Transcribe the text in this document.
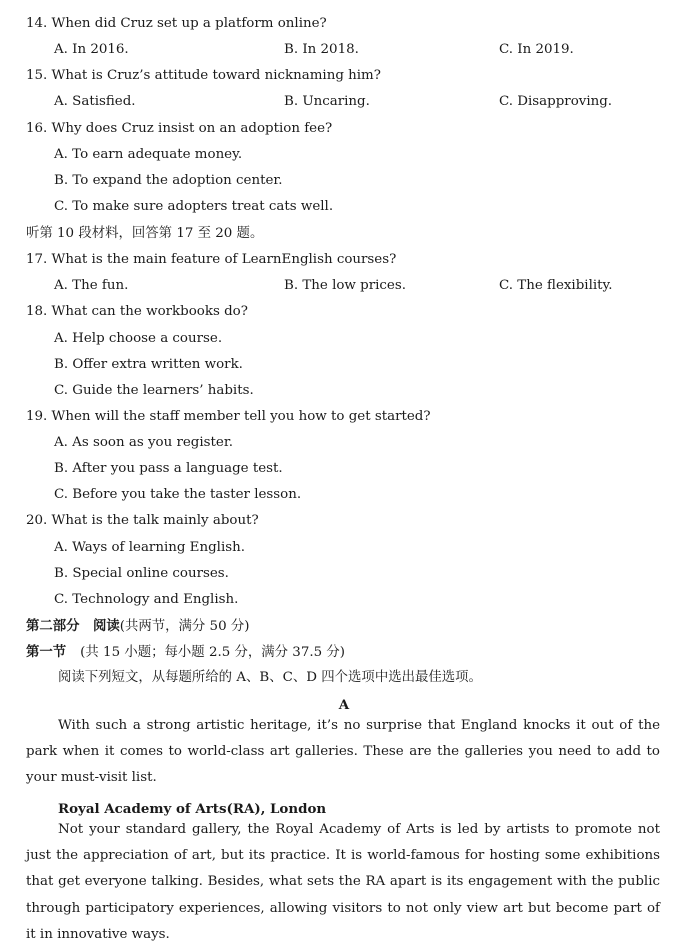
14. When did Cruz set up a platform online?
A. In 2016.	B. In 2018.	C. In 2019.
15. What is Cruz’s attitude toward nicknaming him?
A. Satisfied.	B. Uncaring.	C. Disapproving.
16. Why does Cruz insist on an adoption fee?
A. To earn adequate money.
B. To expand the adoption center.
C. To make sure adopters treat cats well.
听第 10 段材料，回答第 17 至 20 题。
17. What is the main feature of LearnEnglish courses?
A. The fun.	B. The low prices.	C. The flexibility.
18. What can the workbooks do?
A. Help choose a course.
B. Offer extra written work.
C. Guide the learners’ habits.
19. When will the staff member tell you how to get started?
A. As soon as you register.
B. After you pass a language test.
C. Before you take the taster lesson.
20. What is the talk mainly about?
A. Ways of learning English.
B. Special online courses.
C. Technology and English.
第二部分　阅读(共两节，满分 50 分)
第一节 (共 15 小题；每小题 2.5 分，满分 37.5 分)
阅读下列短文，从每题所给的 A、B、C、D 四个选项中选出最佳选项。
A
With such a strong artistic heritage, it’s no surprise that England knocks it out of the park when it comes to world-class art galleries. These are the galleries you need to add to your must-visit list.
Royal Academy of Arts(RA), London
Not your standard gallery, the Royal Academy of Arts is led by artists to promote not just the appreciation of art, but its practice. It is world-famous for hosting some exhibitions that get everyone talking. Besides, what sets the RA apart is its engagement with the public through participatory experiences, allowing visitors to not only view art but become part of it in innovative ways.
